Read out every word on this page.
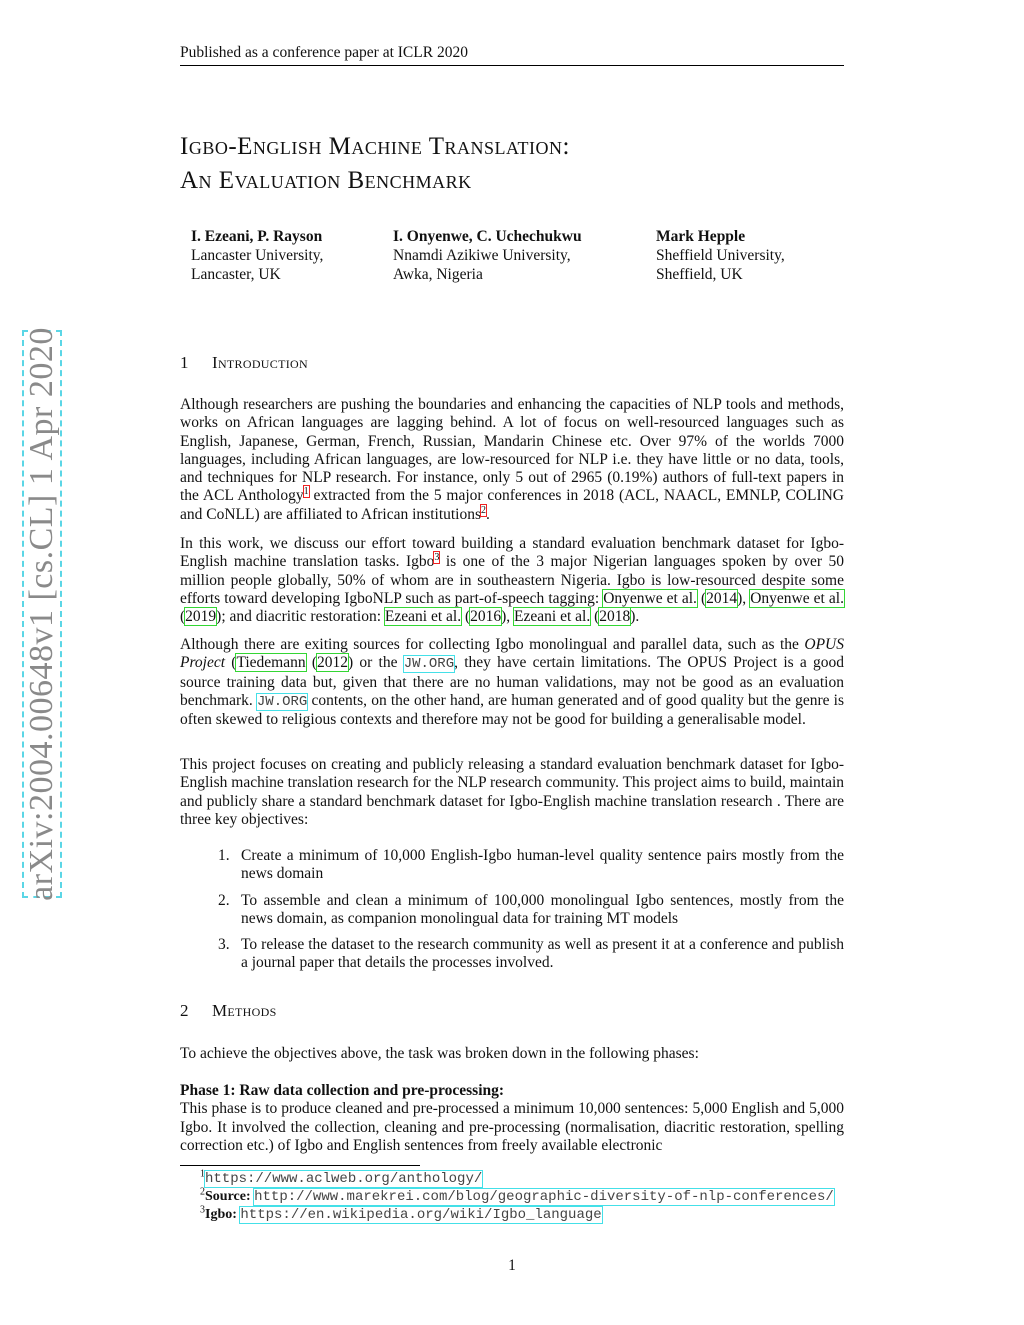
Published as a conference paper at ICLR 2020
arXiv:2004.00648v1 [cs.CL] 1 Apr 2020
Igbo-English Machine Translation:
An Evaluation Benchmark
I. Ezeani, P. Rayson
Lancaster University,
Lancaster, UK
I. Onyenwe, C. Uchechukwu
Nnamdi Azikiwe University,
Awka, Nigeria
Mark Hepple
Sheffield University,
Sheffield, UK
1 Introduction

Although researchers are pushing the boundaries and enhancing the capacities of NLP tools and methods, works on African languages are lagging behind. A lot of focus on well-resourced languages such as English, Japanese, German, French, Russian, Mandarin Chinese etc. Over 97% of the worlds 7000 languages, including African languages, are low-resourced for NLP i.e. they have little or no data, tools, and techniques for NLP research. For instance, only 5 out of 2965 (0.19%) authors of full-text papers in the ACL Anthology$^1$ extracted from the 5 major conferences in 2018 (ACL, NAACL, EMNLP, COLING and CoNLL) are affiliated to African institutions$^2$.

In this work, we discuss our effort toward building a standard evaluation benchmark dataset for Igbo-English machine translation tasks. Igbo$^3$ is one of the 3 major Nigerian languages spoken by over 50 million people globally, 50% of whom are in southeastern Nigeria. Igbo is low-resourced despite some efforts toward developing IgboNLP such as part-of-speech tagging: Onyenwe et al. (2014), Onyenwe et al. (2019); and diacritic restoration: Ezeani et al. (2016), Ezeani et al. (2018).

Although there are exiting sources for collecting Igbo monolingual and parallel data, such as the OPUS Project (Tiedemann (2012) or the JW.ORG, they have certain limitations. The OPUS Project is a good source training data but, given that there are no human validations, may not be good as an evaluation benchmark. JW.ORG contents, on the other hand, are human generated and of good quality but the genre is often skewed to religious contexts and therefore may not be good for building a generalisable model.

This project focuses on creating and publicly releasing a standard evaluation benchmark dataset for Igbo-English machine translation research for the NLP research community. This project aims to build, maintain and publicly share a standard benchmark dataset for Igbo-English machine translation research . There are three key objectives:

1. Create a minimum of 10,000 English-Igbo human-level quality sentence pairs mostly from the news domain
2. To assemble and clean a minimum of 100,000 monolingual Igbo sentences, mostly from the news domain, as companion monolingual data for training MT models
3. To release the dataset to the research community as well as present it at a conference and publish a journal paper that details the processes involved.
2 Methods

To achieve the objectives above, the task was broken down in the following phases:

Phase 1: Raw data collection and pre-processing:
This phase is to produce cleaned and pre-processed a minimum 10,000 sentences: 5,000 English and 5,000 Igbo. It involved the collection, cleaning and pre-processing (normalisation, diacritic restoration, spelling correction etc.) of Igbo and English sentences from freely available electronic

$^1$https://www.aclweb.org/anthology/
$^2$Source: http://www.marekrei.com/blog/geographic-diversity-of-nlp-conferences/
$^3$Igbo: https://en.wikipedia.org/wiki/Igbo_language
1
